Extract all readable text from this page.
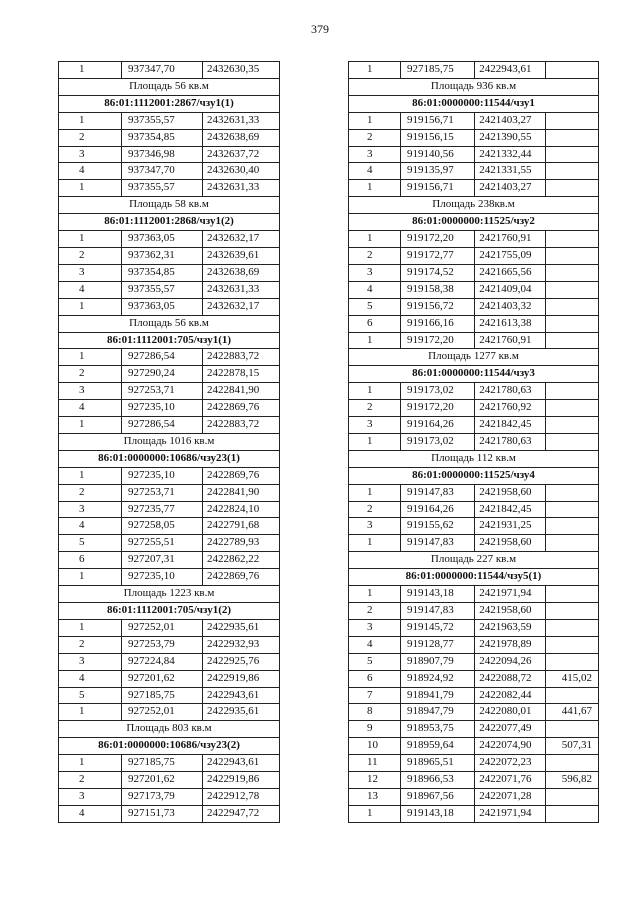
379
1	937347,70	2432630,35
Площадь 56 кв.м		
86:01:1112001:2867/чзу1(1)		
1	937355,57	2432631,33
2	937354,85	2432638,69
3	937346,98	2432637,72
4	937347,70	2432630,40
1	937355,57	2432631,33
Площадь 58 кв.м		
86:01:1112001:2868/чзу1(2)		
1	937363,05	2432632,17
2	937362,31	2432639,61
3	937354,85	2432638,69
4	937355,57	2432631,33
1	937363,05	2432632,17
Площадь 56 кв.м		
86:01:1112001:705/чзу1(1)		
1	927286,54	2422883,72
2	927290,24	2422878,15
3	927253,71	2422841,90
4	927235,10	2422869,76
1	927286,54	2422883,72
Площадь 1016 кв.м		
86:01:0000000:10686/чзу23(1)		
1	927235,10	2422869,76
2	927253,71	2422841,90
3	927235,77	2422824,10
4	927258,05	2422791,68
5	927255,51	2422789,93
6	927207,31	2422862,22
1	927235,10	2422869,76
Площадь 1223 кв.м		
86:01:1112001:705/чзу1(2)		
1	927252,01	2422935,61
2	927253,79	2422932,93
3	927224,84	2422925,76
4	927201,62	2422919,86
5	927185,75	2422943,61
1	927252,01	2422935,61
Площадь 803 кв.м		
86:01:0000000:10686/чзу23(2)		
1	927185,75	2422943,61
2	927201,62	2422919,86
3	927173,79	2422912,78
4	927151,73	2422947,72
1	927185,75	2422943,61	
Площадь 936 кв.м			
86:01:0000000:11544/чзу1			
1	919156,71	2421403,27	
2	919156,15	2421390,55	
3	919140,56	2421332,44	
4	919135,97	2421331,55	
1	919156,71	2421403,27	
Площадь 238кв.м			
86:01:0000000:11525/чзу2			
1	919172,20	2421760,91	
2	919172,77	2421755,09	
3	919174,52	2421665,56	
4	919158,38	2421409,04	
5	919156,72	2421403,32	
6	919166,16	2421613,38	
1	919172,20	2421760,91	
Площадь 1277 кв.м			
86:01:0000000:11544/чзу3			
1	919173,02	2421780,63	
2	919172,20	2421760,92	
3	919164,26	2421842,45	
1	919173,02	2421780,63	
Площадь 112 кв.м			
86:01:0000000:11525/чзу4			
1	919147,83	2421958,60	
2	919164,26	2421842,45	
3	919155,62	2421931,25	
1	919147,83	2421958,60	
Площадь 227 кв.м			
86:01:0000000:11544/чзу5(1)			
1	919143,18	2421971,94	
2	919147,83	2421958,60	
3	919145,72	2421963,59	
4	919128,77	2421978,89	
5	918907,79	2422094,26	
6	918924,92	2422088,72	415,02
7	918941,79	2422082,44	
8	918947,79	2422080,01	441,67
9	918953,75	2422077,49	
10	918959,64	2422074,90	507,31
11	918965,51	2422072,23	
12	918966,53	2422071,76	596,82
13	918967,56	2422071,28	
1	919143,18	2421971,94	
